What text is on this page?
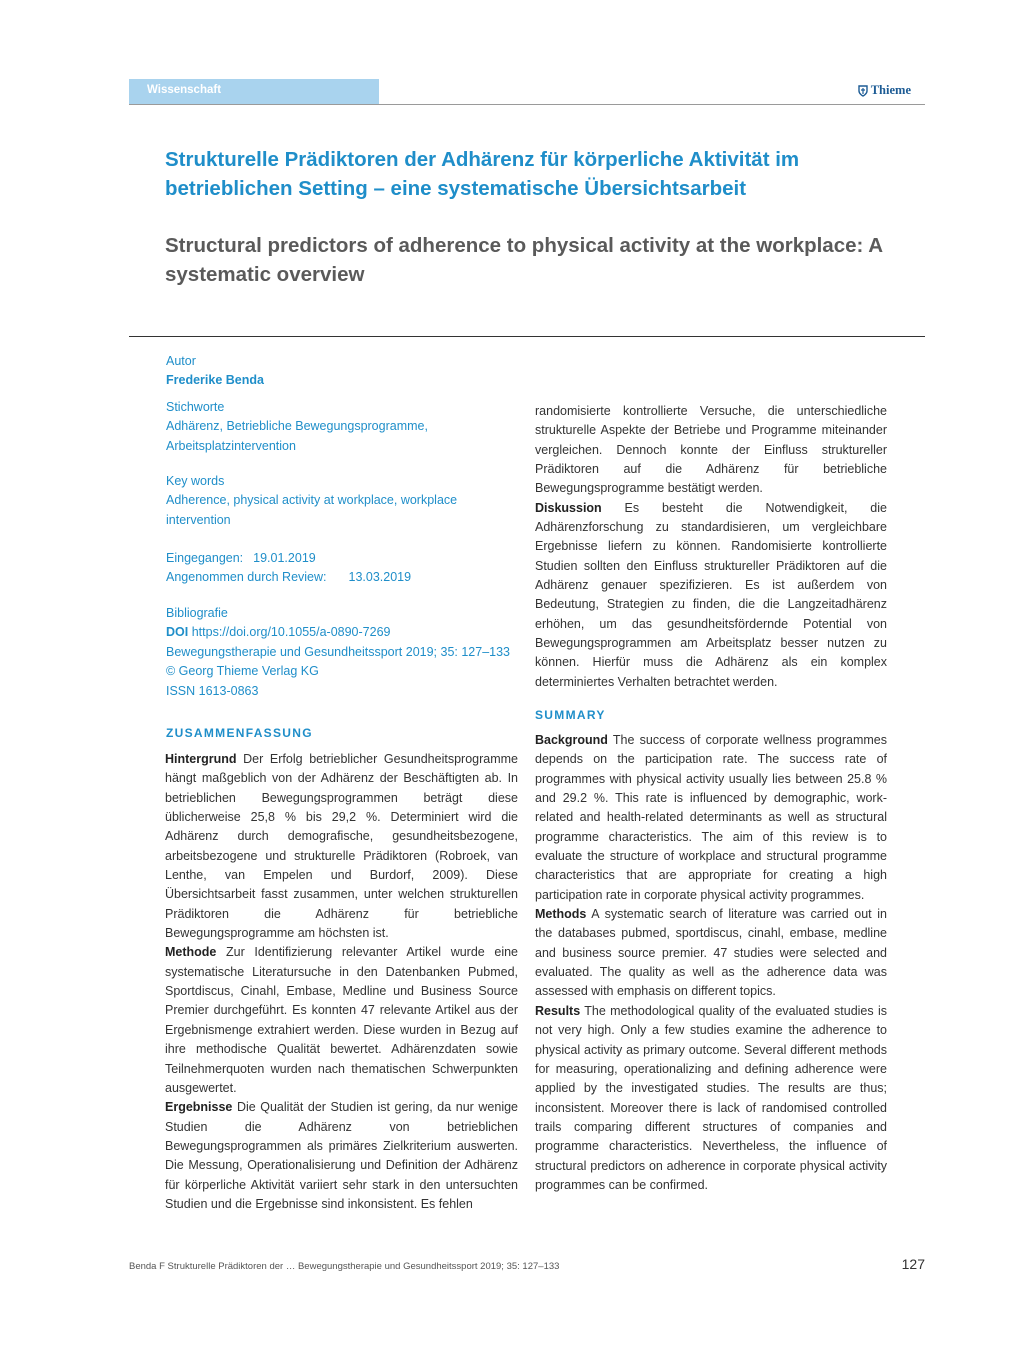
Wissenschaft	Thieme
Strukturelle Prädiktoren der Adhärenz für körperliche Aktivität im betrieblichen Setting – eine systematische Übersichtsarbeit
Structural predictors of adherence to physical activity at the workplace: A systematic overview
Autor
Frederike Benda
Stichworte
Adhärenz, Betriebliche Bewegungsprogramme, Arbeitsplatzintervention
Key words
Adherence, physical activity at workplace, workplace intervention
Eingegangen: 19.01.2019
Angenommen durch Review: 13.03.2019
Bibliografie
DOI https://doi.org/10.1055/a-0890-7269
Bewegungstherapie und Gesundheitssport 2019; 35: 127–133
© Georg Thieme Verlag KG
ISSN 1613-0863
ZUSAMMENFASSUNG

Hintergrund Der Erfolg betrieblicher Gesundheitsprogramme hängt maßgeblich von der Adhärenz der Beschäftigten ab. In betrieblichen Bewegungsprogrammen beträgt diese üblicherweise 25,8 % bis 29,2 %. Determiniert wird die Adhärenz durch demografische, gesundheitsbezogene, arbeitsbezogene und strukturelle Prädiktoren (Robroek, van Lenthe, van Empelen und Burdorf, 2009). Diese Übersichtsarbeit fasst zusammen, unter welchen strukturellen Prädiktoren die Adhärenz für betriebliche Bewegungsprogramme am höchsten ist.

Methode Zur Identifizierung relevanter Artikel wurde eine systematische Literatursuche in den Datenbanken Pubmed, Sportdiscus, Cinahl, Embase, Medline und Business Source Premier durchgeführt. Es konnten 47 relevante Artikel aus der Ergebnismenge extrahiert werden. Diese wurden in Bezug auf ihre methodische Qualität bewertet. Adhärenzdaten sowie Teilnehmerquoten wurden nach thematischen Schwerpunkten ausgewertet.

Ergebnisse Die Qualität der Studien ist gering, da nur wenige Studien die Adhärenz von betrieblichen Bewegungsprogrammen als primäres Zielkriterium auswerten. Die Messung, Operationalisierung und Definition der Adhärenz für körperliche Aktivität variiert sehr stark in den untersuchten Studien und die Ergebnisse sind inkonsistent. Es fehlen

randomisierte kontrollierte Versuche, die unterschiedliche strukturelle Aspekte der Betriebe und Programme miteinander vergleichen. Dennoch konnte der Einfluss struktureller Prädiktoren auf die Adhärenz für betriebliche Bewegungsprogramme bestätigt werden.

Diskussion Es besteht die Notwendigkeit, die Adhärenzforschung zu standardisieren, um vergleichbare Ergebnisse liefern zu können. Randomisierte kontrollierte Studien sollten den Einfluss struktureller Prädiktoren auf die Adhärenz genauer spezifizieren. Es ist außerdem von Bedeutung, Strategien zu finden, die die Langzeitadhärenz erhöhen, um das gesundheitsfördernde Potential von Bewegungsprogrammen am Arbeitsplatz besser nutzen zu können. Hierfür muss die Adhärenz als ein komplex determiniertes Verhalten betrachtet werden.

SUMMARY

Background The success of corporate wellness programmes depends on the participation rate. The success rate of programmes with physical activity usually lies between 25.8 % and 29.2 %. This rate is influenced by demographic, work-related and health-related determinants as well as structural programme characteristics. The aim of this review is to evaluate the structure of workplace and structural programme characteristics that are appropriate for creating a high participation rate in corporate physical activity programmes.

Methods A systematic search of literature was carried out in the databases pubmed, sportdiscus, cinahl, embase, medline and business source premier. 47 studies were selected and evaluated. The quality as well as the adherence data was assessed with emphasis on different topics.

Results The methodological quality of the evaluated studies is not very high. Only a few studies examine the adherence to physical activity as primary outcome. Several different methods for measuring, operationalizing and defining adherence were applied by the investigated studies. The results are thus; inconsistent. Moreover there is lack of randomised controlled trails comparing different structures of companies and programme characteristics. Nevertheless, the influence of structural predictors on adherence in corporate physical activity programmes can be confirmed.

Benda F Strukturelle Prädiktoren der … Bewegungstherapie und Gesundheitssport 2019; 35: 127–133	127
